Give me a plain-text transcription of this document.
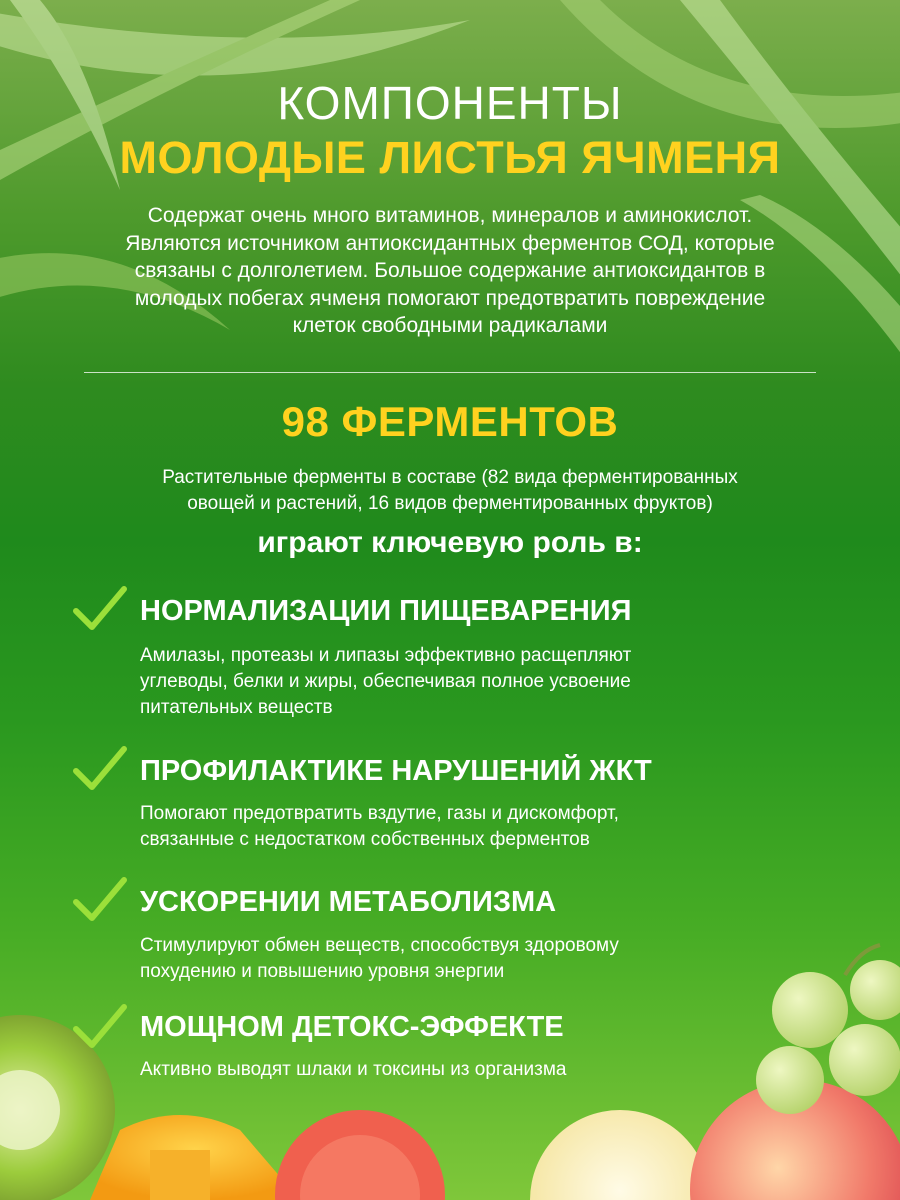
КОМПОНЕНТЫ
МОЛОДЫЕ ЛИСТЬЯ ЯЧМЕНЯ
Содержат очень много витаминов, минералов и аминокислот.
Являются источником антиоксидантных ферментов СОД, которые
связаны с долголетием. Большое содержание антиоксидантов в
молодых побегах ячменя помогают предотвратить повреждение
клеток свободными радикалами
98 ФЕРМЕНТОВ
Растительные ферменты в составе (82 вида ферментированных
овощей и растений, 16 видов ферментированных фруктов)
играют ключевую роль в:
НОРМАЛИЗАЦИИ ПИЩЕВАРЕНИЯ
Амилазы, протеазы и липазы эффективно расщепляют
углеводы, белки и жиры, обеспечивая полное усвоение
питательных веществ
ПРОФИЛАКТИКЕ НАРУШЕНИЙ ЖКТ
Помогают предотвратить вздутие, газы и дискомфорт,
связанные с недостатком собственных ферментов
УСКОРЕНИИ МЕТАБОЛИЗМА
Стимулируют обмен веществ, способствуя здоровому
похудению и повышению уровня энергии
МОЩНОМ ДЕТОКС-ЭФФЕКТЕ
Активно выводят шлаки и токсины из организма
